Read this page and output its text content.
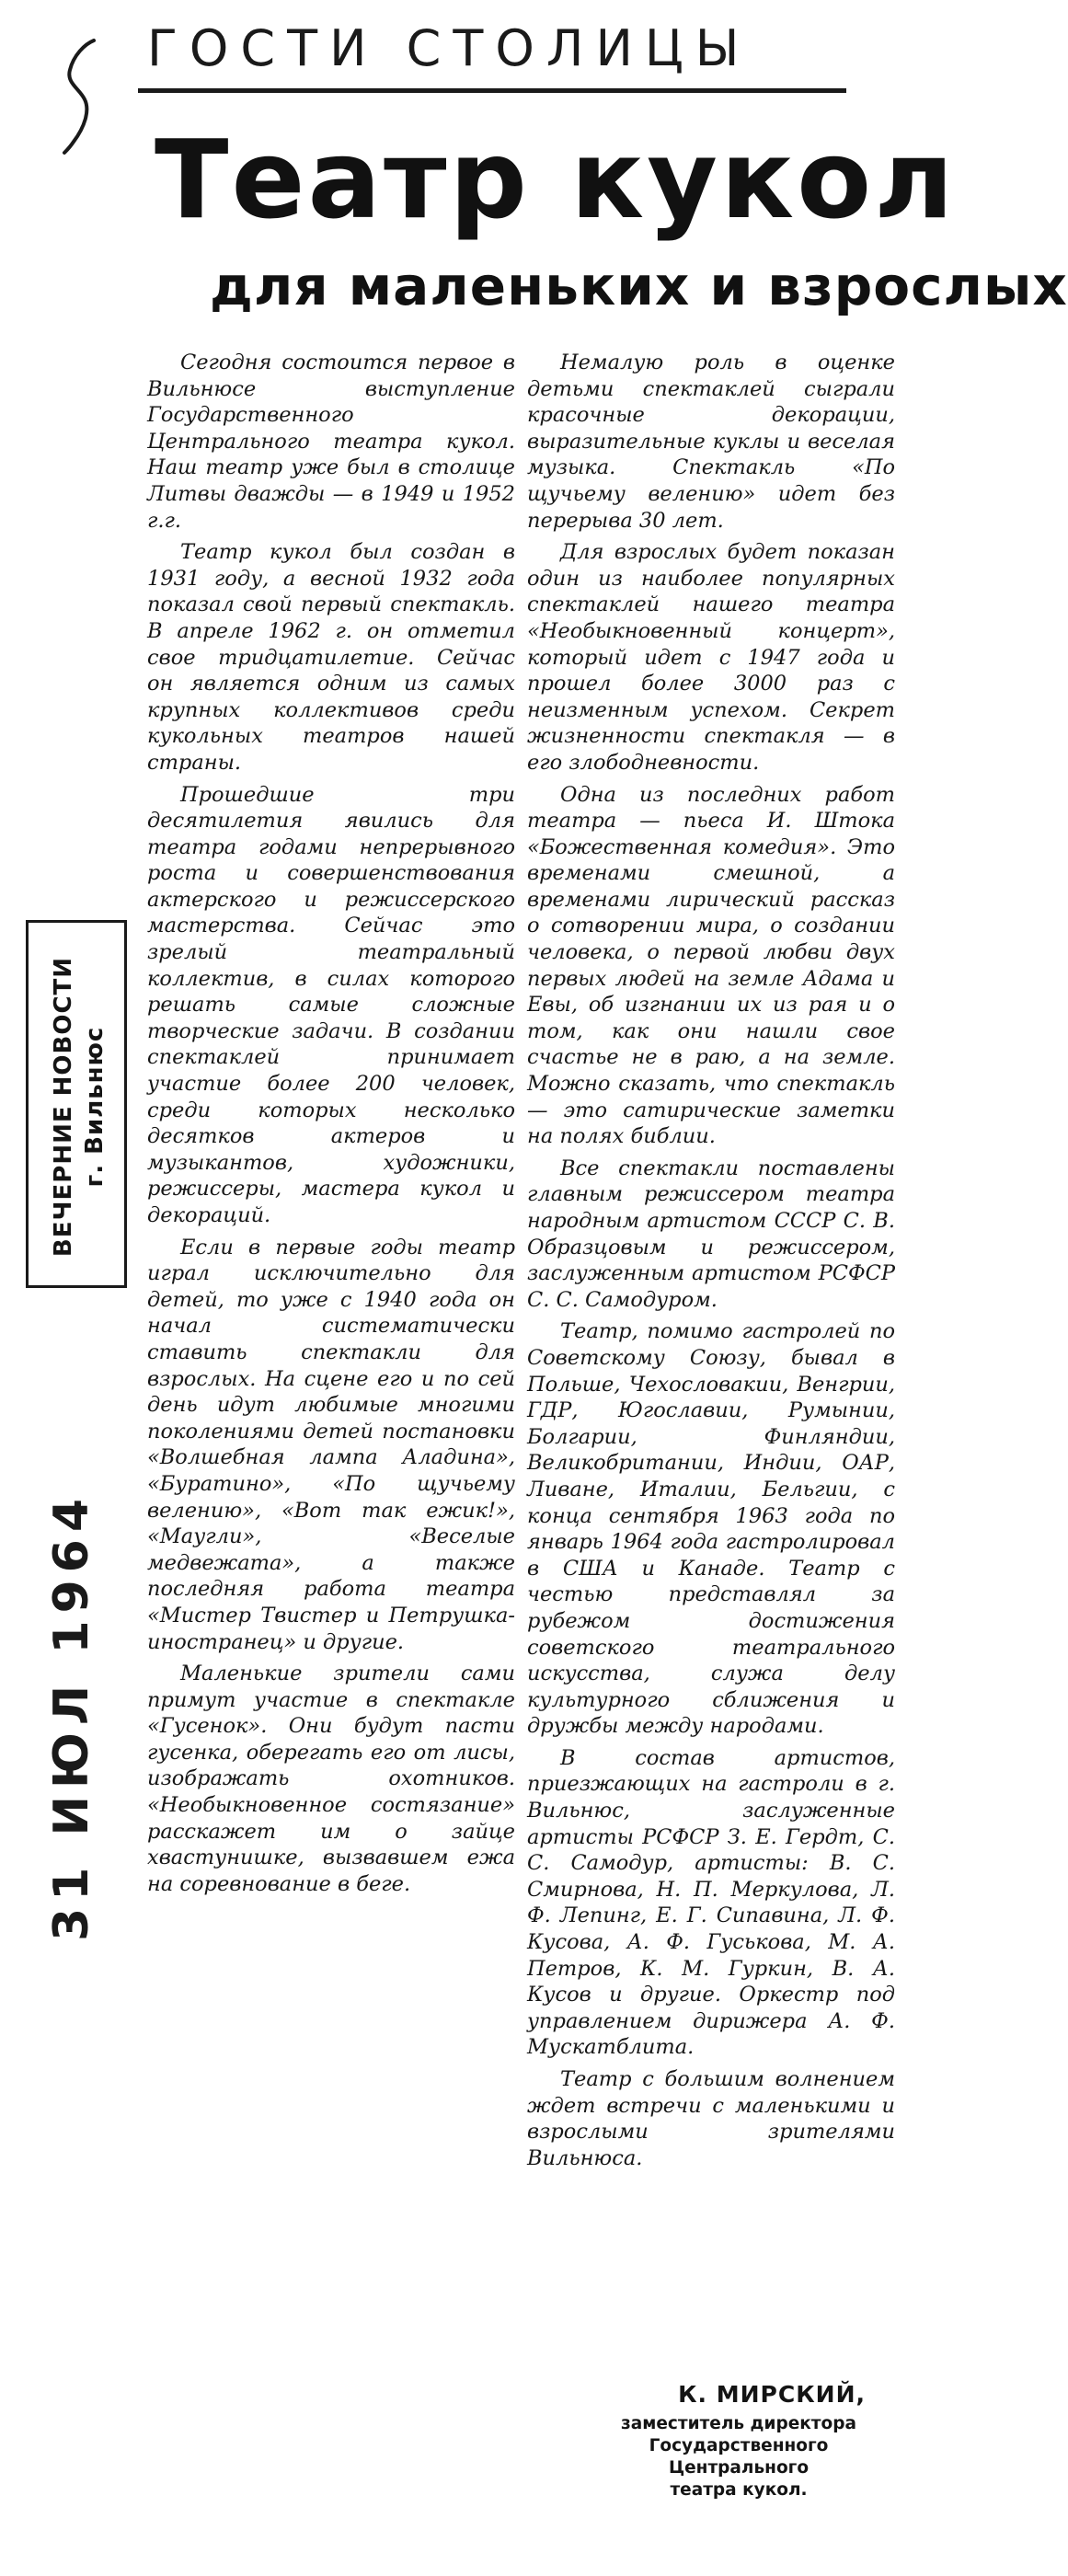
ГОСТИ СТОЛИЦЫ
Театр кукол
для маленьких и взрослых

Сегодня состоится первое в Вильнюсе выступление Государственного Центрального театра кукол. Наш театр уже был в столице Литвы дважды — в 1949 и 1952 г.г.

Театр кукол был создан в 1931 году, а весной 1932 года показал свой первый спектакль. В апреле 1962 г. он отметил свое тридцатилетие. Сейчас он является одним из самых крупных коллективов среди кукольных театров нашей страны.

Прошедшие три десятилетия явились для театра годами непрерывного роста и совершенствования актерского и режиссерского мастерства. Сейчас это зрелый театральный коллектив, в силах которого решать самые сложные творческие задачи. В создании спектаклей принимает участие более 200 человек, среди которых несколько десятков актеров и музыкантов, художники, режиссеры, мастера кукол и декораций.

Если в первые годы театр играл исключительно для детей, то уже с 1940 года он начал систематически ставить спектакли для взрослых. На сцене его и по сей день идут любимые многими поколениями детей постановки «Волшебная лампа Аладина», «Буратино», «По щучьему велению», «Вот так ежик!», «Маугли», «Веселые медвежата», а также последняя работа театра «Мистер Твистер и Петрушка-иностранец» и другие.

Маленькие зрители сами примут участие в спектакле «Гусенок». Они будут пасти гусенка, оберегать его от лисы, изображать охотников. «Необыкновенное состязание» расскажет им о зайце хвастунишке, вызвавшем ежа на соревнование в беге.

Немалую роль в оценке детьми спектаклей сыграли красочные декорации, выразительные куклы и веселая музыка. Спектакль «По щучьему велению» идет без перерыва 30 лет.

Для взрослых будет показан один из наиболее популярных спектаклей нашего театра «Необыкновенный концерт», который идет с 1947 года и прошел более 3000 раз с неизменным успехом. Секрет жизненности спектакля — в его злободневности.

Одна из последних работ театра — пьеса И. Штока «Божественная комедия». Это временами смешной, а временами лирический рассказ о сотворении мира, о создании человека, о первой любви двух первых людей на земле Адама и Евы, об изгнании их из рая и о том, как они нашли свое счастье не в раю, а на земле. Можно сказать, что спектакль — это сатирические заметки на полях библии.

Все спектакли поставлены главным режиссером театра народным артистом СССР С. В. Образцовым и режиссером, заслуженным артистом РСФСР С. С. Самодуром.

Театр, помимо гастролей по Советскому Союзу, бывал в Польше, Чехословакии, Венгрии, ГДР, Югославии, Румынии, Болгарии, Финляндии, Великобритании, Индии, ОАР, Ливане, Италии, Бельгии, с конца сентября 1963 года по январь 1964 года гастролировал в США и Канаде. Театр с честью представлял за рубежом достижения советского театрального искусства, служа делу культурного сближения и дружбы между народами.

В состав артистов, приезжающих на гастроли в г. Вильнюс, заслуженные артисты РСФСР З. Е. Гердт, С. С. Самодур, артисты: В. С. Смирнова, Н. П. Меркулова, Л. Ф. Лепинг, Е. Г. Сипавина, Л. Ф. Кусова, А. Ф. Гуськова, М. А. Петров, К. М. Гуркин, В. А. Кусов и другие. Оркестр под управлением дирижера А. Ф. Мускатблита.

Театр с большим волнением ждет встречи с маленькими и взрослыми зрителями Вильнюса.

К. МИРСКИЙ,
заместитель директора
Государственного
Центрального
театра кукол.
ВЕЧЕРНИЕ НОВОСТИ г. Вильнюс
31 ИЮЛ 1964
